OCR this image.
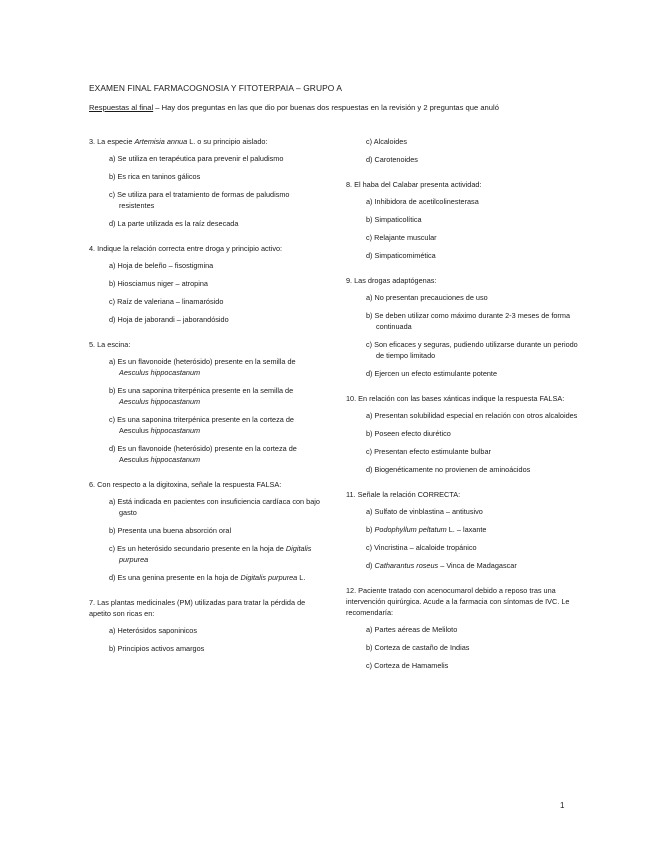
EXAMEN FINAL FARMACOGNOSIA Y FITOTERPAIA – GRUPO A
Respuestas al final – Hay dos preguntas en las que dio por buenas dos respuestas en la revisión y 2 preguntas que anuló
3. La especie Artemisia annua L. o su principio aislado:
a) Se utiliza en terapéutica para prevenir el paludismo
b) Es rica en taninos gálicos
c) Se utiliza para el tratamiento de formas de paludismo resistentes
d) La parte utilizada es la raíz desecada
4. Indique la relación correcta entre droga y principio activo:
a) Hoja de beleño – fisostigmina
b) Hiosciamus niger – atropina
c) Raíz de valeriana – linamarósido
d) Hoja de jaborandi – jaborandósido
5. La escina:
a) Es un flavonoide (heterósido) presente en la semilla de Aesculus hippocastanum
b) Es una saponina triterpénica presente en la semilla de Aesculus hippocastanum
c) Es una saponina triterpénica presente en la corteza de Aesculus hippocastanum
d) Es un flavonoide (heterósido) presente en la corteza de Aesculus hippocastanum
6. Con respecto a la digitoxina, señale la respuesta FALSA:
a) Está indicada en pacientes con insuficiencia cardíaca con bajo gasto
b) Presenta una buena absorción oral
c) Es un heterósido secundario presente en la hoja de Digitalis purpurea
d) Es una genina presente en la hoja de Digitalis purpurea L.
7. Las plantas medicinales (PM) utilizadas para tratar la pérdida de apetito son ricas en:
a) Heterósidos saponinicos
b) Principios activos amargos
c) Alcaloides
d) Carotenoides
8. El haba del Calabar presenta actividad:
a) Inhibidora de acetilcolinesterasa
b) Simpaticolítica
c) Relajante muscular
d) Simpaticomimética
9. Las drogas adaptógenas:
a) No presentan precauciones de uso
b) Se deben utilizar como máximo durante 2-3 meses de forma continuada
c) Son eficaces y seguras, pudiendo utilizarse durante un periodo de tiempo limitado
d) Ejercen un efecto estimulante potente
10. En relación con las bases xánticas indique la respuesta FALSA:
a) Presentan solubilidad especial en relación con otros alcaloides
b) Poseen efecto diurético
c) Presentan efecto estimulante bulbar
d) Biogenéticamente no provienen de aminoácidos
11. Señale la relación CORRECTA:
a) Sulfato de vinblastina – antitusivo
b) Podophyllum peltatum L. – laxante
c) Vincristina – alcaloide tropánico
d) Catharantus roseus – Vinca de Madagascar
12. Paciente tratado con acenocumarol debido a reposo tras una intervención quirúrgica. Acude a la farmacia con síntomas de IVC. Le recomendaría:
a) Partes aéreas de Meliloto
b) Corteza de castaño de Indias
c) Corteza de Hamamelis
1
